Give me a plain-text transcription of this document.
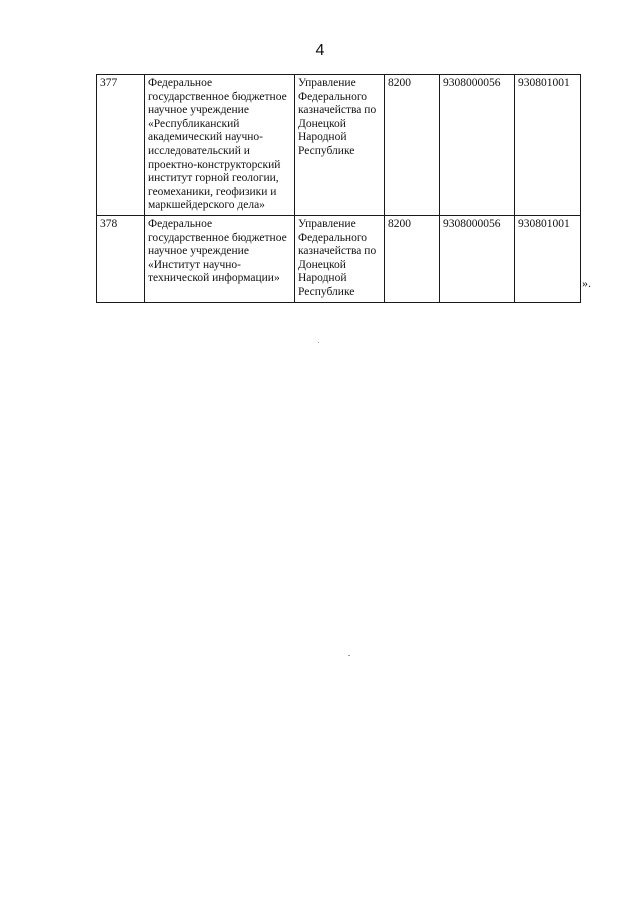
4
377	Федеральное государственное бюджетное научное учреждение «Республиканский академический научно-исследовательский и проектно-конструкторский институт горной геологии, геомеханики, геофизики и маркшейдерского дела»	Управление Федерального казначейства по Донецкой Народной Республике	8200	9308000056	930801001
378	Федеральное государственное бюджетное научное учреждение «Институт научно-технической информации»	Управление Федерального казначейства по Донецкой Народной Республике	8200	9308000056	930801001
».
